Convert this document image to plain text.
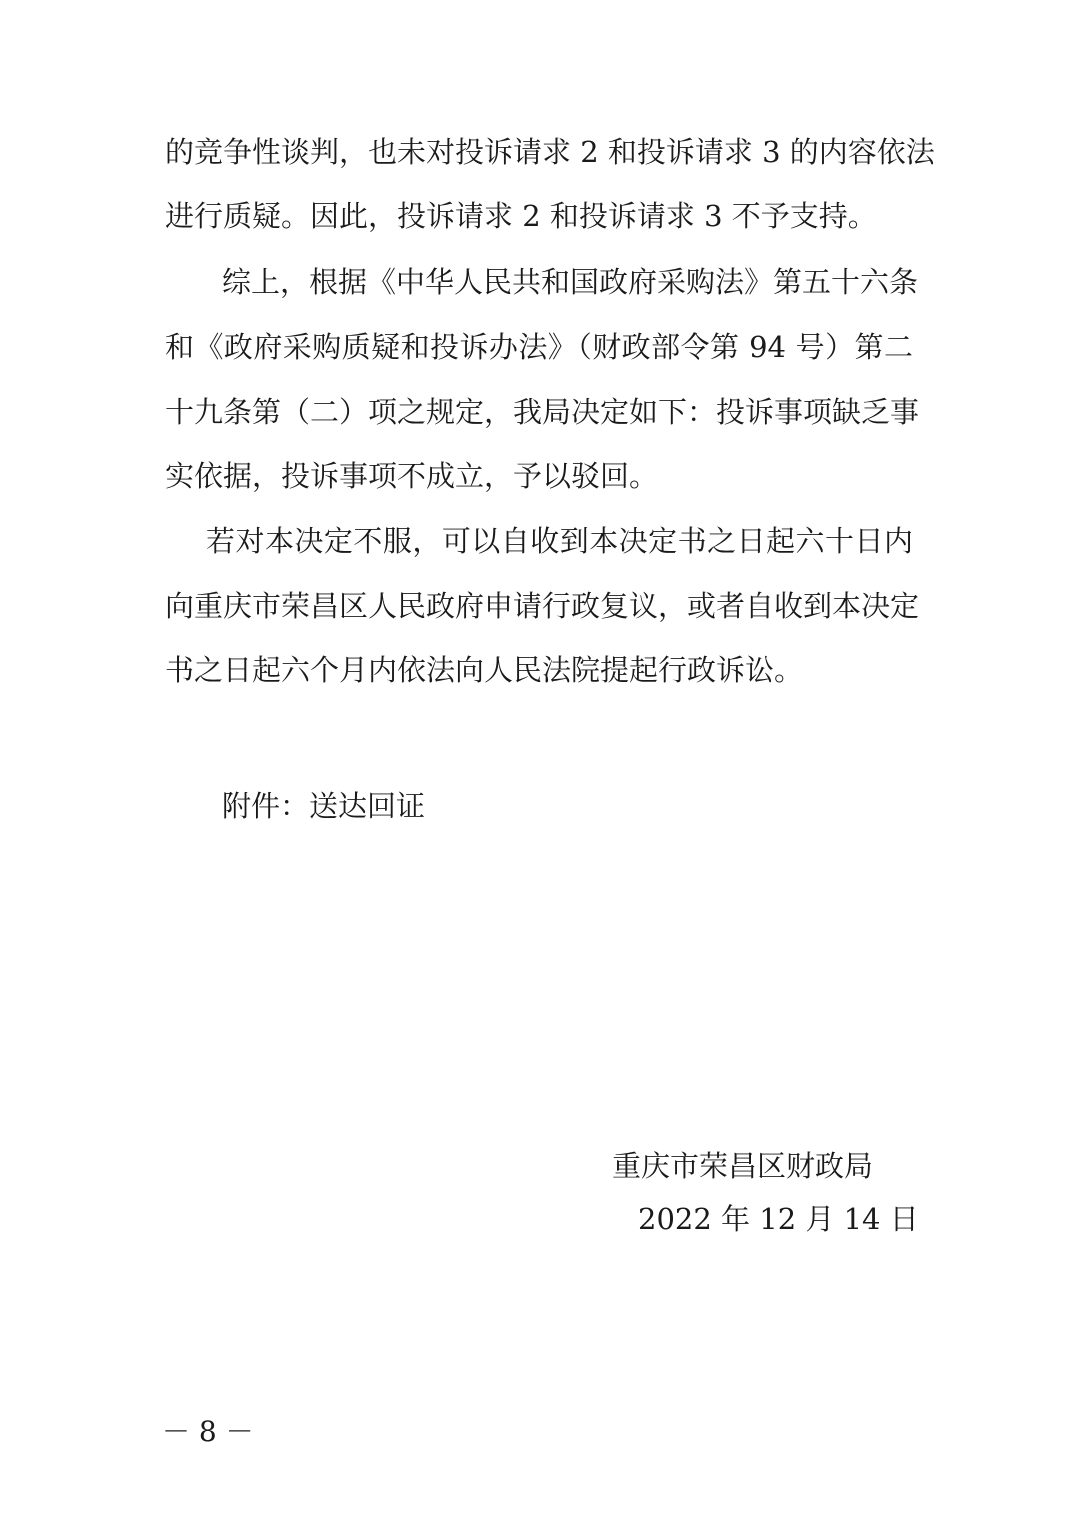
的竞争性谈判，也未对投诉请求 2 和投诉请求 3 的内容依法
进行质疑。因此，投诉请求 2 和投诉请求 3 不予支持。
综上，根据《中华人民共和国政府采购法》第五十六条
和《政府采购质疑和投诉办法》（财政部令第 94 号）第二
十九条第（二）项之规定，我局决定如下：投诉事项缺乏事
实依据，投诉事项不成立，予以驳回。
若对本决定不服，可以自收到本决定书之日起六十日内
向重庆市荣昌区人民政府申请行政复议，或者自收到本决定
书之日起六个月内依法向人民法院提起行政诉讼。
附件：送达回证
重庆市荣昌区财政局
2022 年 12 月 14 日
－ 8 －
